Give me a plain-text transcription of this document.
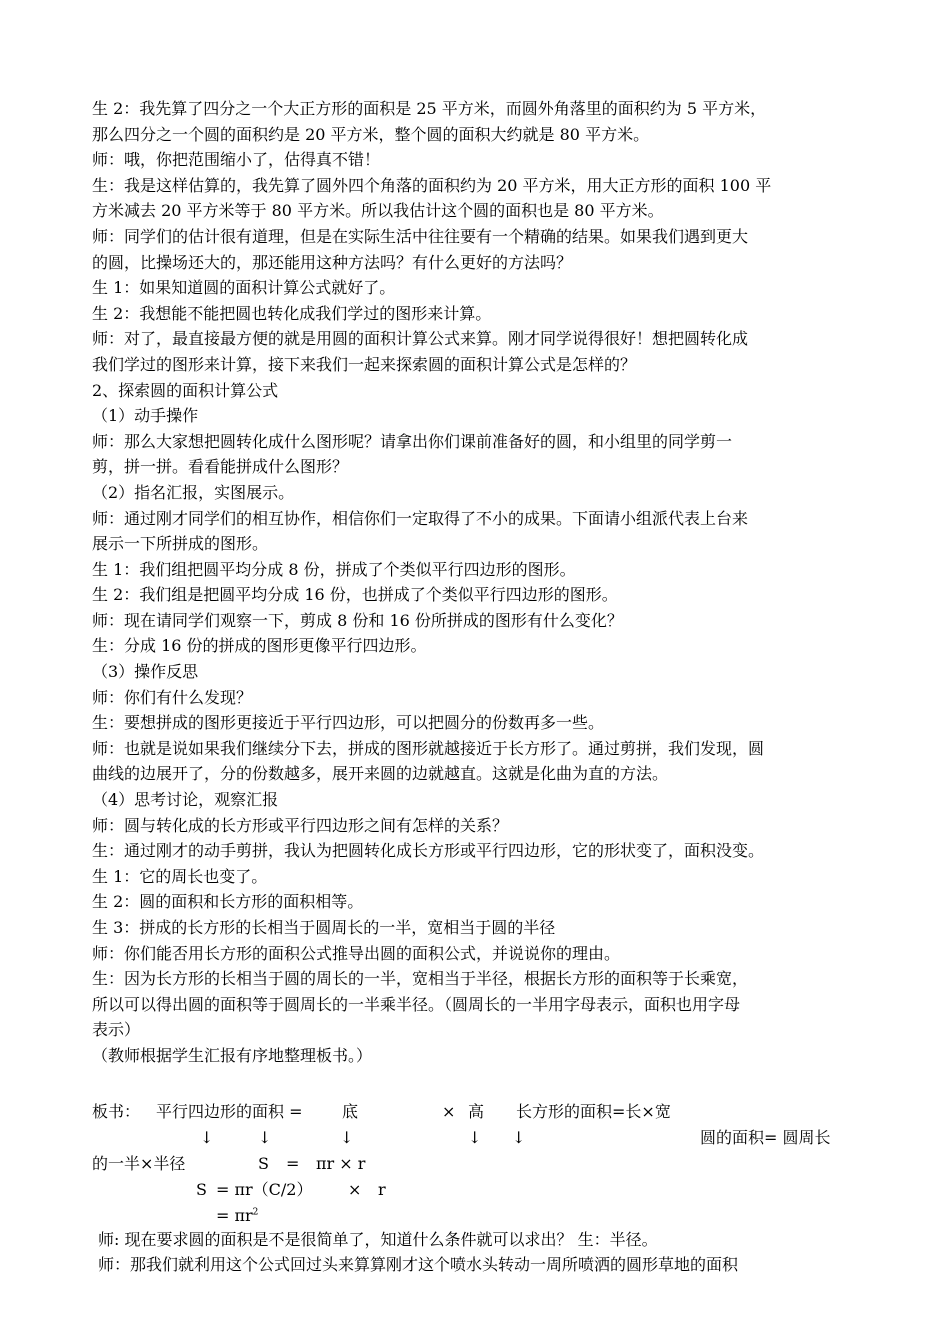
生 2：我先算了四分之一个大正方形的面积是 25 平方米，而圆外角落里的面积约为 5 平方米，
那么四分之一个圆的面积约是 20 平方米，整个圆的面积大约就是 80 平方米。
师：哦，你把范围缩小了，估得真不错！
生：我是这样估算的，我先算了圆外四个角落的面积约为 20 平方米，用大正方形的面积 100 平
方米减去 20 平方米等于 80 平方米。所以我估计这个圆的面积也是 80 平方米。
师：同学们的估计很有道理，但是在实际生活中往往要有一个精确的结果。如果我们遇到更大
的圆，比操场还大的，那还能用这种方法吗？有什么更好的方法吗？
生 1：如果知道圆的面积计算公式就好了。
生 2：我想能不能把圆也转化成我们学过的图形来计算。
师：对了，最直接最方便的就是用圆的面积计算公式来算。刚才同学说得很好！想把圆转化成
我们学过的图形来计算，接下来我们一起来探索圆的面积计算公式是怎样的？
2、探索圆的面积计算公式
（1）动手操作
师：那么大家想把圆转化成什么图形呢？请拿出你们课前准备好的圆，和小组里的同学剪一
剪，拼一拼。看看能拼成什么图形？
（2）指名汇报，实图展示。
师：通过刚才同学们的相互协作，相信你们一定取得了不小的成果。下面请小组派代表上台来
展示一下所拼成的图形。
生 1：我们组把圆平均分成 8 份，拼成了个类似平行四边形的图形。
生 2：我们组是把圆平均分成 16 份，也拼成了个类似平行四边形的图形。
师：现在请同学们观察一下，剪成 8 份和 16 份所拼成的图形有什么变化？
生：分成 16 份的拼成的图形更像平行四边形。
（3）操作反思
师：你们有什么发现？
生：要想拼成的图形更接近于平行四边形，可以把圆分的份数再多一些。
师：也就是说如果我们继续分下去，拼成的图形就越接近于长方形了。通过剪拼，我们发现，圆
曲线的边展开了，分的份数越多，展开来圆的边就越直。这就是化曲为直的方法。
（4）思考讨论，观察汇报
师：圆与转化成的长方形或平行四边形之间有怎样的关系？
生：通过刚才的动手剪拼，我认为把圆转化成长方形或平行四边形，它的形状变了，面积没变。
生 1：它的周长也变了。
生 2：圆的面积和长方形的面积相等。
生 3：拼成的长方形的长相当于圆周长的一半，宽相当于圆的半径
师：你们能否用长方形的面积公式推导出圆的面积公式，并说说你的理由。
生：因为长方形的长相当于圆的周长的一半，宽相当于半径，根据长方形的面积等于长乘宽，
所以可以得出圆的面积等于圆周长的一半乘半径。（圆周长的一半用字母表示，面积也用字母
表示）
（教师根据学生汇报有序地整理板书。）
板书： 平行四边形的面积 = 底	× 高 长方形的面积=长×宽
↓	↓	↓	↓ ↓	圆的面积= 圆周长
的一半×半径	S = πr × r
S = πr（C/2） × r
= $\pi r^2$
师: 现在要求圆的面积是不是很简单了，知道什么条件就可以求出？ 生：半径。
师：那我们就利用这个公式回过头来算算刚才这个喷水头转动一周所喷洒的圆形草地的面积
